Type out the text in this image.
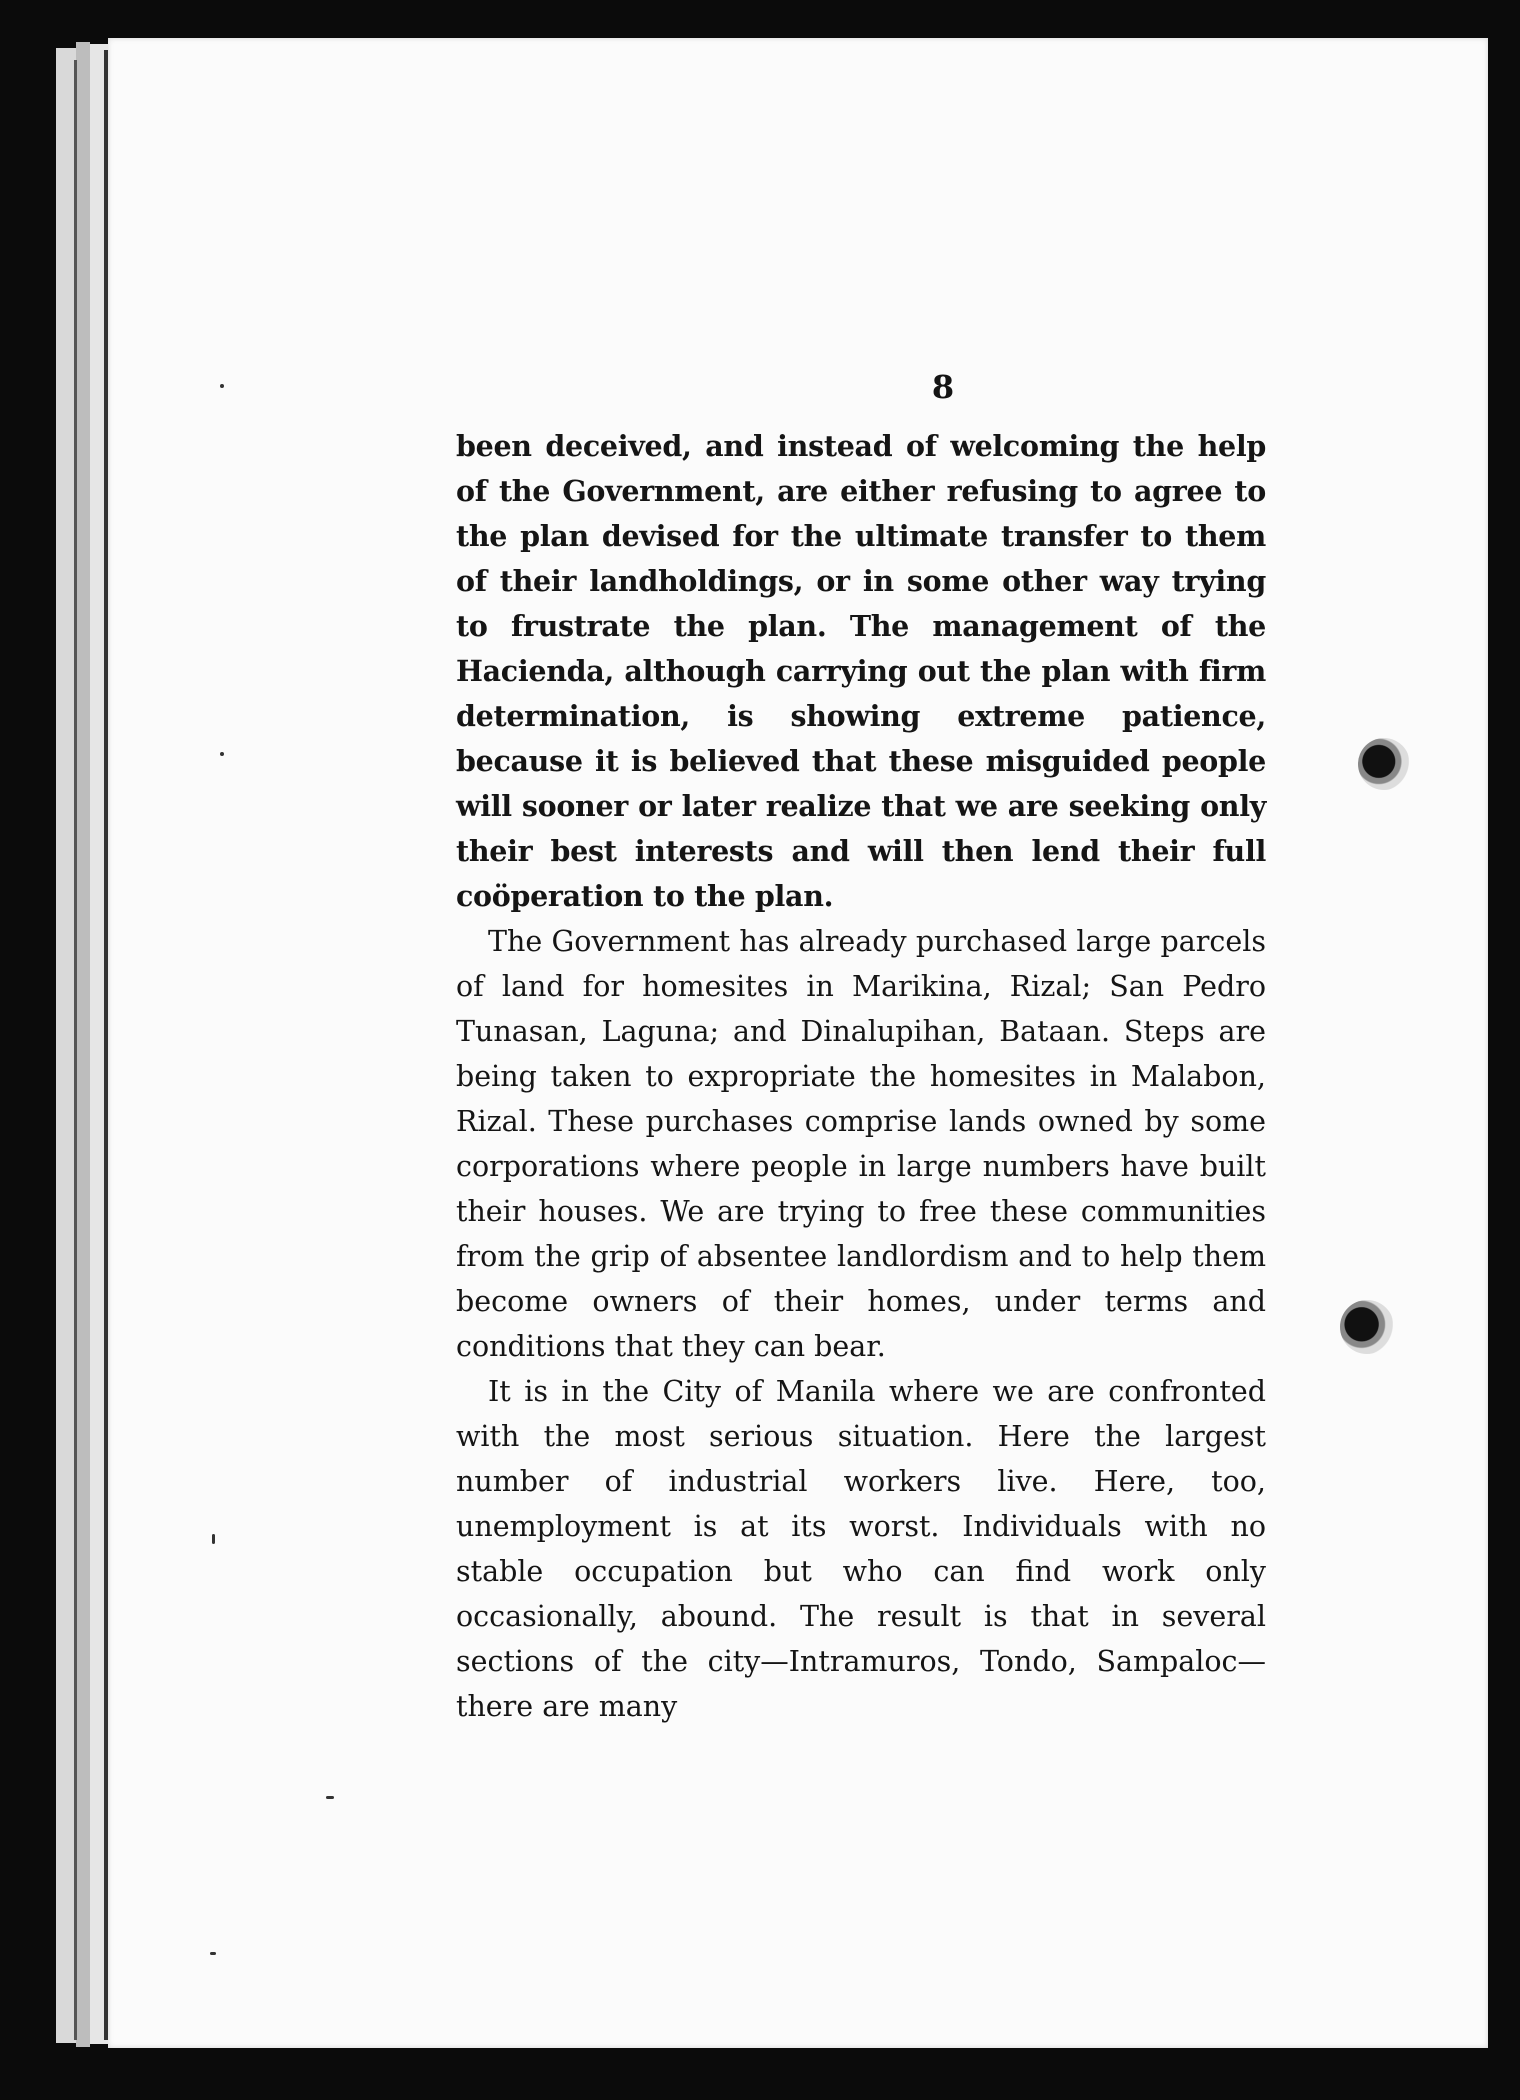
8

been deceived, and instead of welcoming the help of the Government, are either refusing to agree to the plan devised for the ultimate transfer to them of their landholdings, or in some other way trying to frustrate the plan. The management of the Hacienda, although carrying out the plan with firm determination, is showing extreme patience, because it is believed that these misguided people will sooner or later realize that we are seeking only their best interests and will then lend their full coöperation to the plan.

The Government has already purchased large parcels of land for homesites in Marikina, Rizal; San Pedro Tunasan, Laguna; and Dinalupihan, Bataan. Steps are being taken to expropriate the homesites in Malabon, Rizal. These purchases comprise lands owned by some corporations where people in large numbers have built their houses. We are trying to free these communities from the grip of absentee landlordism and to help them become owners of their homes, under terms and conditions that they can bear.

It is in the City of Manila where we are confronted with the most serious situation. Here the largest number of industrial workers live. Here, too, unemployment is at its worst. Individuals with no stable occupation but who can find work only occasionally, abound. The result is that in several sections of the city—Intramuros, Tondo, Sampaloc—there are many
